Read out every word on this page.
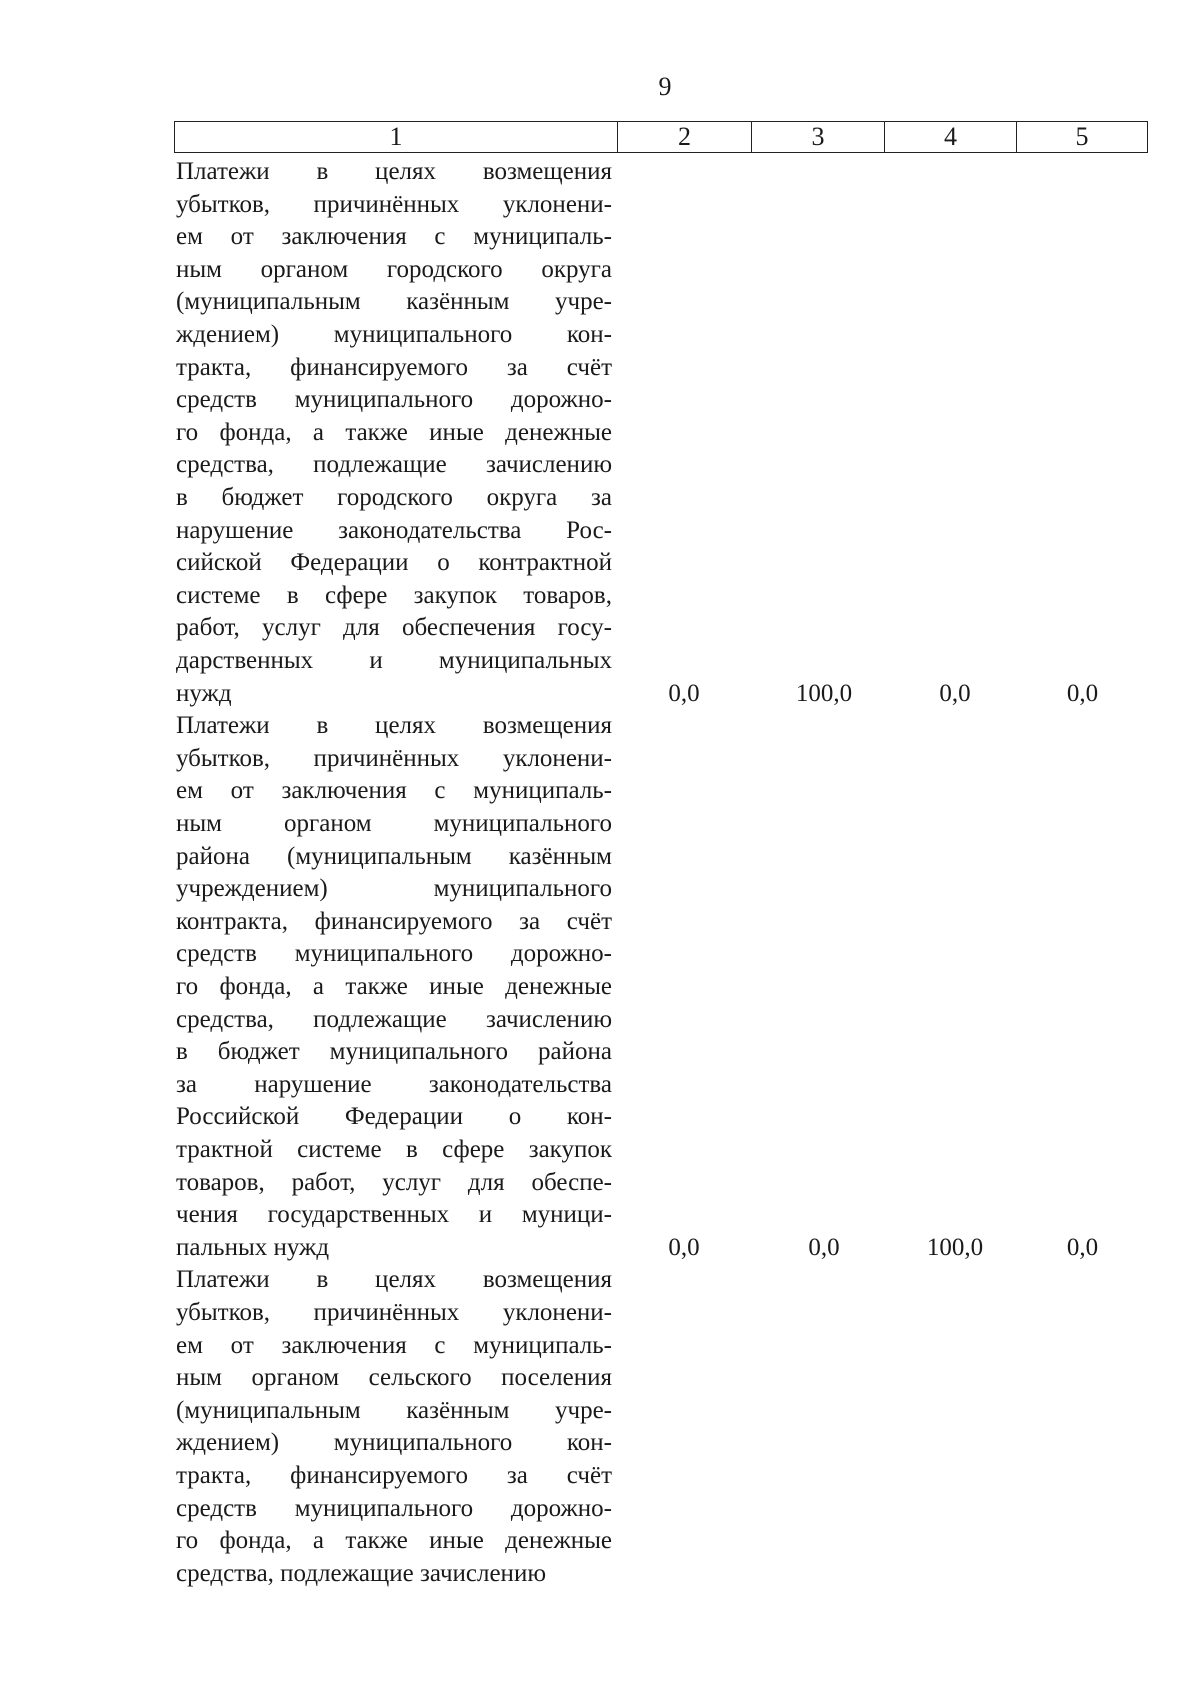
9
1	2	3	4	5
Платежи в целях возмещения
убытков, причинённых уклонени-
ем от заключения с муниципаль-
ным органом городского округа
(муниципальным казённым учре-
ждением) муниципального кон-
тракта, финансируемого за счёт
средств муниципального дорожно-
го фонда, а также иные денежные
средства, подлежащие зачислению
в бюджет городского округа за
нарушение законодательства Рос-
сийской Федерации о контрактной
системе в сфере закупок товаров,
работ, услуг для обеспечения госу-
дарственных и муниципальных
нужд	0,0	100,0	0,0	0,0
Платежи в целях возмещения
убытков, причинённых уклонени-
ем от заключения с муниципаль-
ным органом муниципального
района (муниципальным казённым
учреждением) муниципального
контракта, финансируемого за счёт
средств муниципального дорожно-
го фонда, а также иные денежные
средства, подлежащие зачислению
в бюджет муниципального района
за нарушение законодательства
Российской Федерации о кон-
трактной системе в сфере закупок
товаров, работ, услуг для обеспе-
чения государственных и муници-
пальных нужд	0,0	0,0	100,0	0,0
Платежи в целях возмещения
убытков, причинённых уклонени-
ем от заключения с муниципаль-
ным органом сельского поселения
(муниципальным казённым учре-
ждением) муниципального кон-
тракта, финансируемого за счёт
средств муниципального дорожно-
го фонда, а также иные денежные
средства, подлежащие зачислению
